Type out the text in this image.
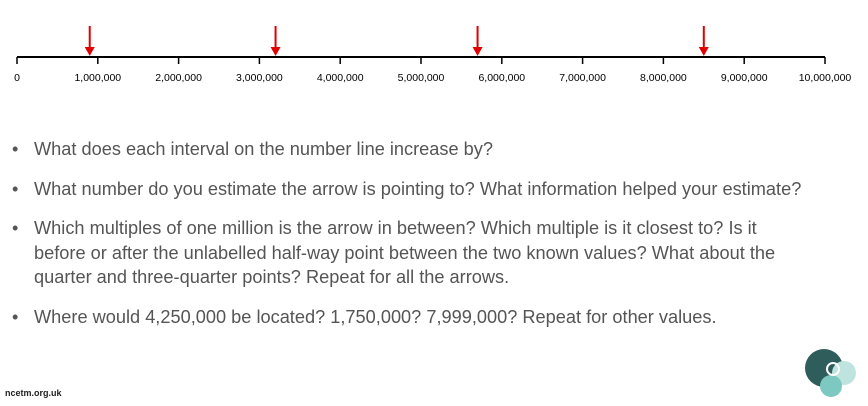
0	1,000,000	2,000,000	3,000,000	4,000,000	5,000,000	6,000,000	7,000,000	8,000,000	9,000,000	10,000,000
• What does each interval on the number line increase by?
• What number do you estimate the arrow is pointing to? What information helped your estimate?
• Which multiples of one million is the arrow in between? Which multiple is it closest to? Is it before or after the unlabelled half-way point between the two known values? What about the quarter and three-quarter points? Repeat for all the arrows.
• Where would 4,250,000 be located? 1,750,000? 7,999,000? Repeat for other values.
ncetm.org.uk
